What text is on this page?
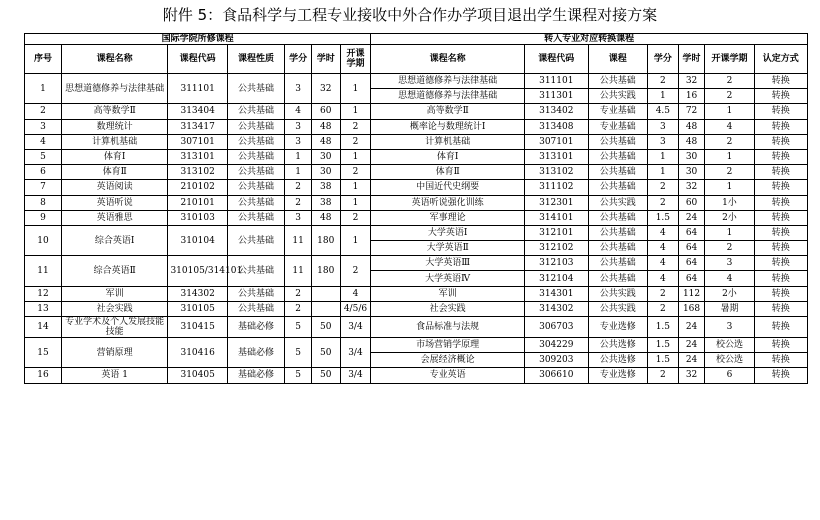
附件 5：食品科学与工程专业接收中外合作办学项目退出学生课程对接方案
国际学院所修课程							转入专业对应转换课程						
序号	课程名称	课程代码	课程性质	学分	学时	开课学期	课程名称	课程代码	课程	学分	学时	开课学期	认定方式
1	思想道德修养与法律基础	311101	公共基础	3	32	1	思想道德修养与法律基础	311101	公共基础	2	32	2	转换
							思想道德修养与法律基础	311301	公共实践	1	16	2	转换
2	高等数学Ⅱ	313404	公共基础	4	60	1	高等数学Ⅱ	313402	专业基础	4.5	72	1	转换
3	数理统计	313417	公共基础	3	48	2	概率论与数理统计Ⅰ	313408	专业基础	3	48	4	转换
4	计算机基础	307101	公共基础	3	48	2	计算机基础	307101	公共基础	3	48	2	转换
5	体育Ⅰ	313101	公共基础	1	30	1	体育Ⅰ	313101	公共基础	1	30	1	转换
6	体育Ⅱ	313102	公共基础	1	30	2	体育Ⅱ	313102	公共基础	1	30	2	转换
7	英语阅读	210102	公共基础	2	38	1	中国近代史纲要	311102	公共基础	2	32	1	转换
8	英语听说	210101	公共基础	2	38	1	英语听说强化训练	312301	公共实践	2	60	1小	转换
9	英语雅思	310103	公共基础	3	48	2	军事理论	314101	公共基础	1.5	24	2小	转换
10	综合英语Ⅰ	310104	公共基础	11	180	1	大学英语Ⅰ	312101	公共基础	4	64	1	转换
							大学英语Ⅱ	312102	公共基础	4	64	2	转换
11	综合英语Ⅱ	310105/314101	公共基础	11	180	2	大学英语Ⅲ	312103	公共基础	4	64	3	转换
							大学英语Ⅳ	312104	公共基础	4	64	4	转换
12	军训	314302	公共基础	2		4	军训	314301	公共实践	2	112	2小	转换
13	社会实践	310105	公共基础	2		4/5/6	社会实践	314302	公共实践	2	168	暑期	转换
14	专业学术及个人发展技能技能	310415	基础必修	5	50	3/4	食品标准与法规	306703	专业选修	1.5	24	3	转换
15	营销原理	310416	基础必修	5	50	3/4	市场营销学原理	304229	公共选修	1.5	24	校公选	转换
							会展经济概论	309203	公共选修	1.5	24	校公选	转换
16	英语 1	310405	基础必修	5	50	3/4	专业英语	306610	专业选修	2	32	6	转换
